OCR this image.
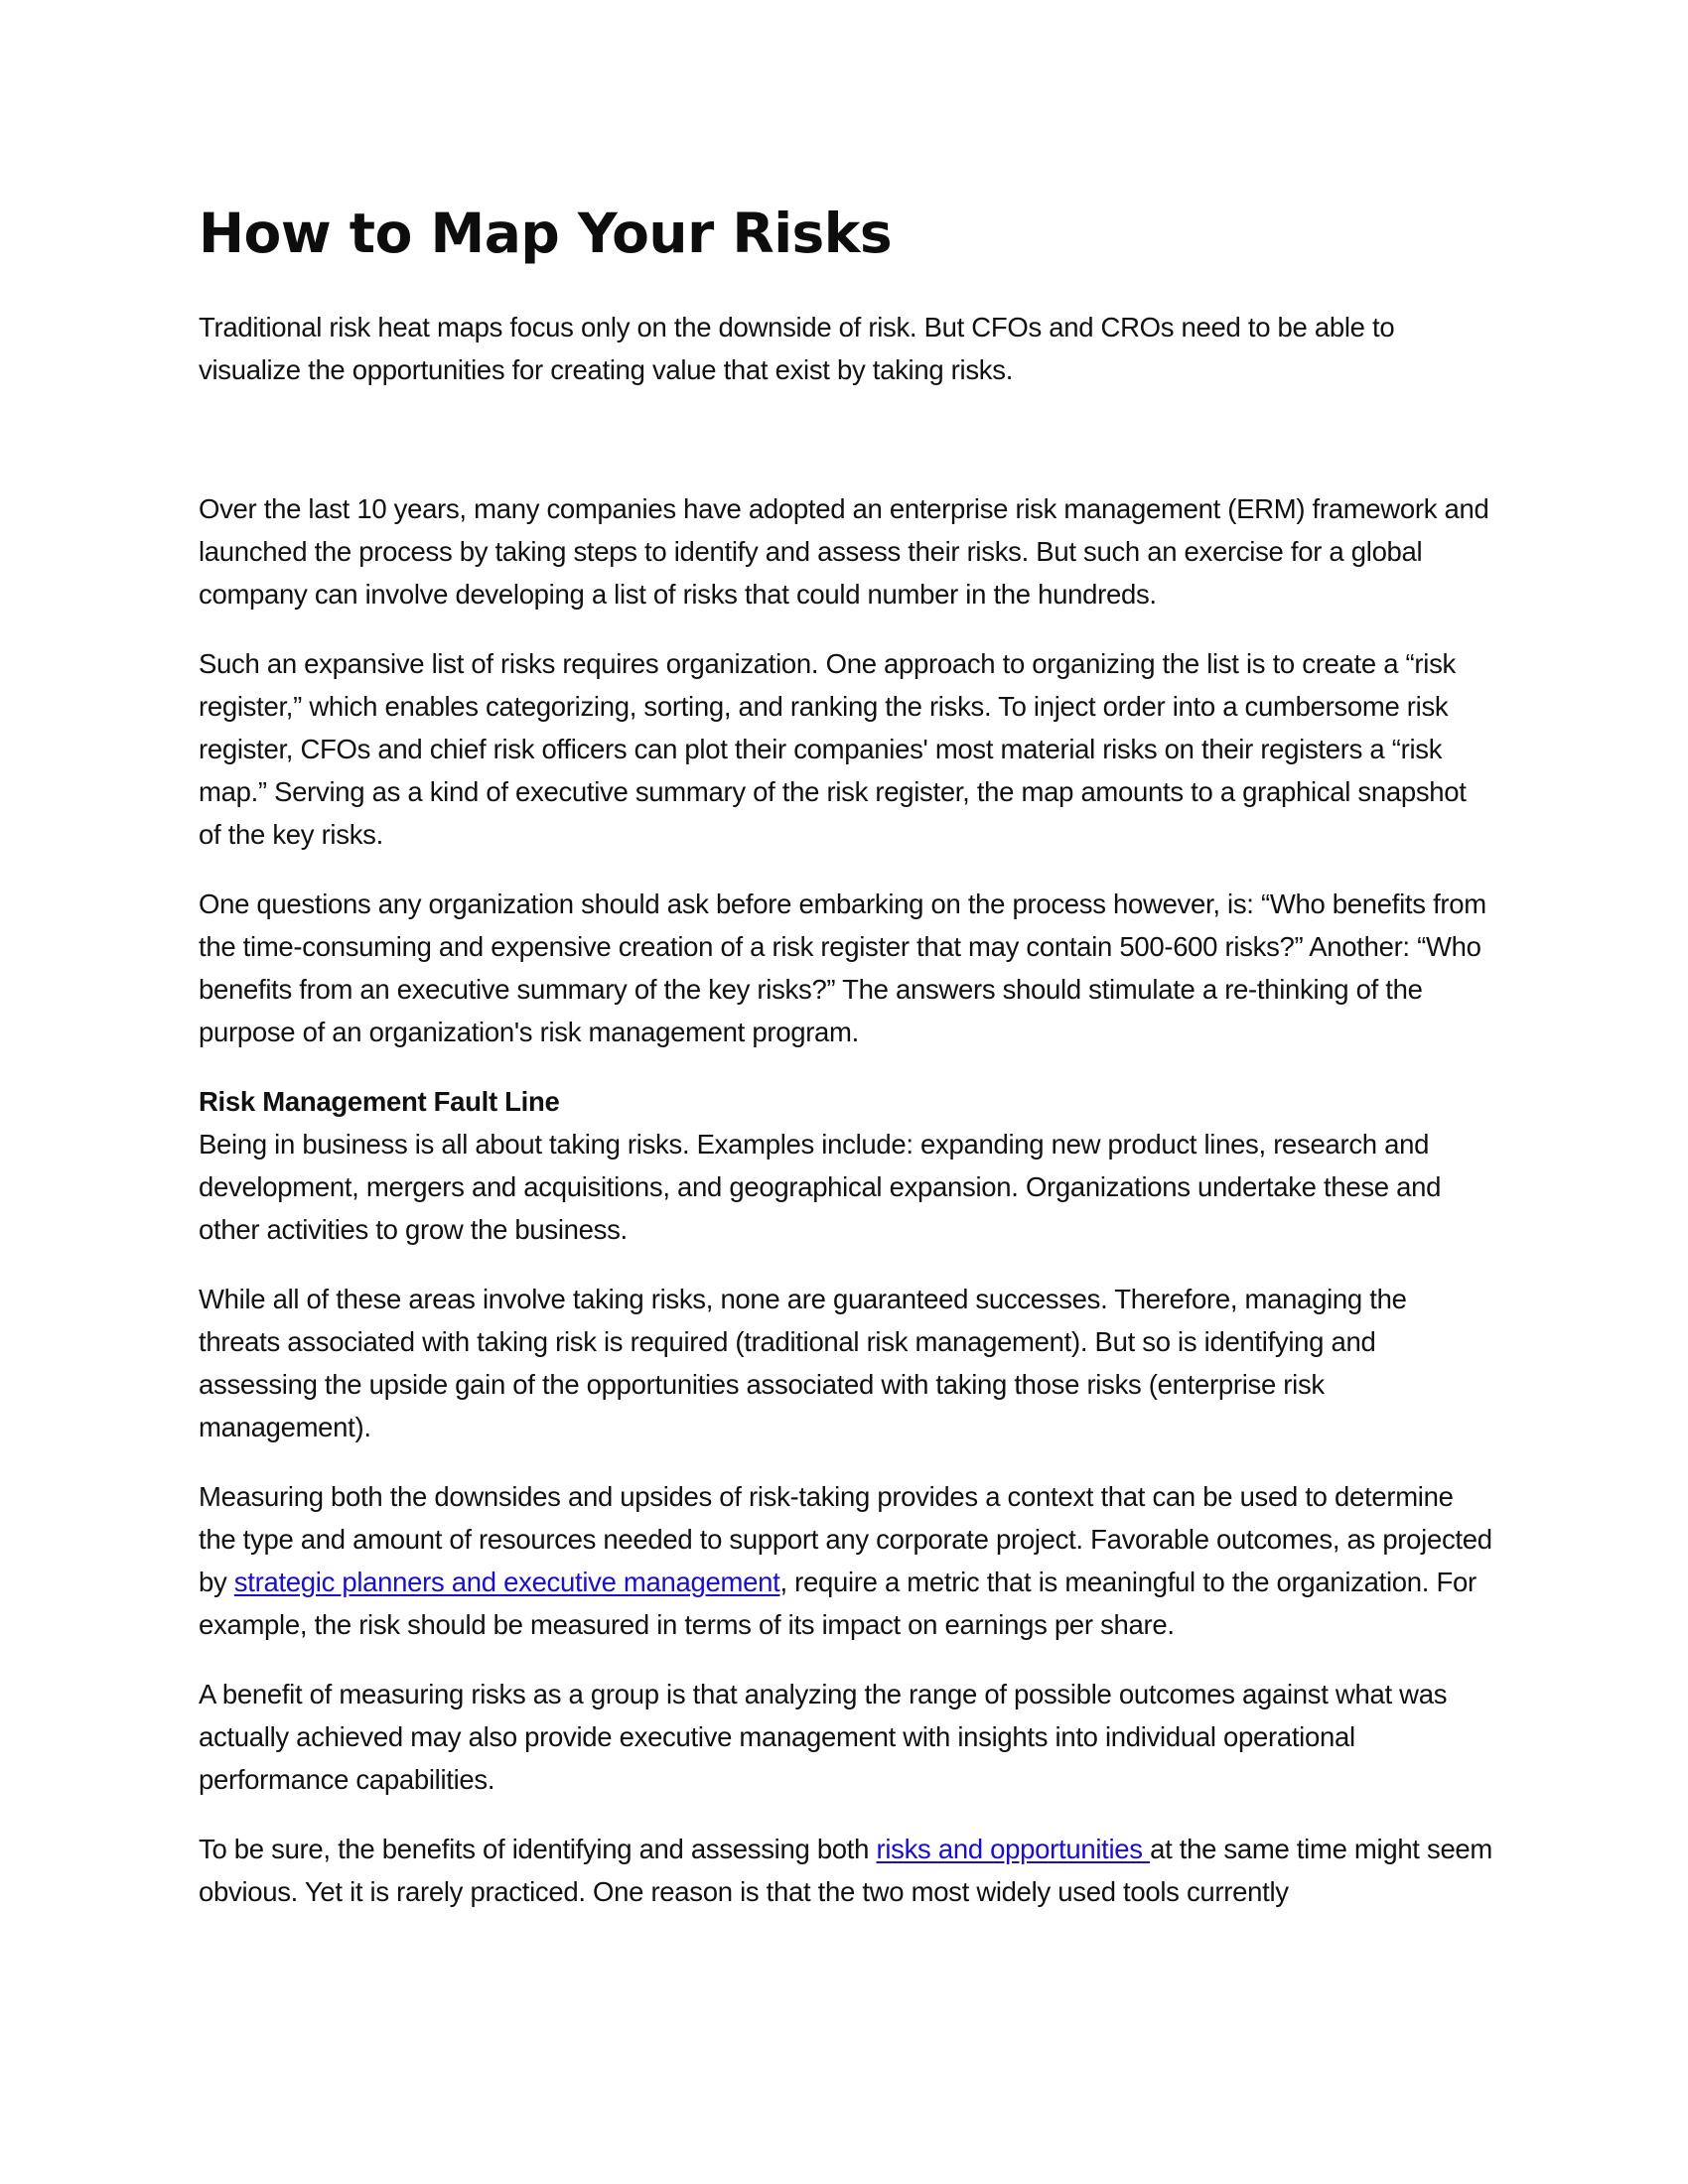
How to Map Your Risks

Traditional risk heat maps focus only on the downside of risk. But CFOs and CROs need to be able to visualize the opportunities for creating value that exist by taking risks.

Over the last 10 years, many companies have adopted an enterprise risk management (ERM) framework and launched the process by taking steps to identify and assess their risks. But such an exercise for a global company can involve developing a list of risks that could number in the hundreds.

Such an expansive list of risks requires organization. One approach to organizing the list is to create a “risk register,” which enables categorizing, sorting, and ranking the risks. To inject order into a cumbersome risk register, CFOs and chief risk officers can plot their companies' most material risks on their registers a “risk map.” Serving as a kind of executive summary of the risk register, the map amounts to a graphical snapshot of the key risks.

One questions any organization should ask before embarking on the process however, is: “Who benefits from the time-consuming and expensive creation of a risk register that may contain 500-600 risks?” Another: “Who benefits from an executive summary of the key risks?” The answers should stimulate a re-thinking of the purpose of an organization's risk management program.

Risk Management Fault Line

Being in business is all about taking risks. Examples include: expanding new product lines, research and development, mergers and acquisitions, and geographical expansion. Organizations undertake these and other activities to grow the business.

While all of these areas involve taking risks, none are guaranteed successes. Therefore, managing the threats associated with taking risk is required (traditional risk management). But so is identifying and assessing the upside gain of the opportunities associated with taking those risks (enterprise risk management).

Measuring both the downsides and upsides of risk-taking provides a context that can be used to determine the type and amount of resources needed to support any corporate project. Favorable outcomes, as projected by strategic planners and executive management, require a metric that is meaningful to the organization. For example, the risk should be measured in terms of its impact on earnings per share.

A benefit of measuring risks as a group is that analyzing the range of possible outcomes against what was actually achieved may also provide executive management with insights into individual operational performance capabilities.

To be sure, the benefits of identifying and assessing both risks and opportunities at the same time might seem obvious. Yet it is rarely practiced. One reason is that the two most widely used tools currently
